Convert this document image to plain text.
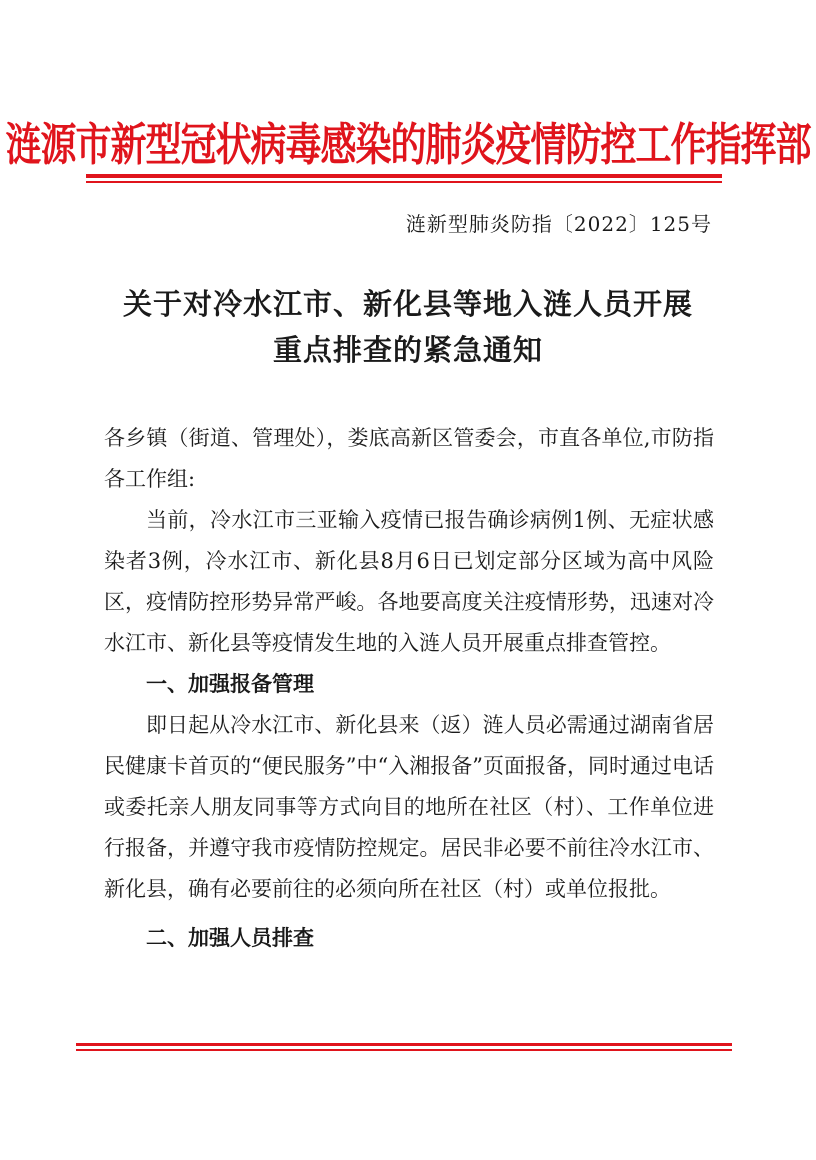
涟源市新型冠状病毒感染的肺炎疫情防控工作指挥部
涟新型肺炎防指〔2022〕125号
关于对冷水江市、新化县等地入涟人员开展
重点排查的紧急通知

各乡镇（街道、管理处），娄底高新区管委会，市直各单位,市防指各工作组:

当前，冷水江市三亚输入疫情已报告确诊病例1例、无症状感染者3例，冷水江市、新化县8月6日已划定部分区域为高中风险区，疫情防控形势异常严峻。各地要高度关注疫情形势，迅速对冷水江市、新化县等疫情发生地的入涟人员开展重点排查管控。

一、加强报备管理

即日起从冷水江市、新化县来（返）涟人员必需通过湖南省居民健康卡首页的“便民服务”中“入湘报备”页面报备，同时通过电话或委托亲人朋友同事等方式向目的地所在社区（村）、工作单位进行报备，并遵守我市疫情防控规定。居民非必要不前往冷水江市、新化县，确有必要前往的必须向所在社区（村）或单位报批。

二、加强人员排查
